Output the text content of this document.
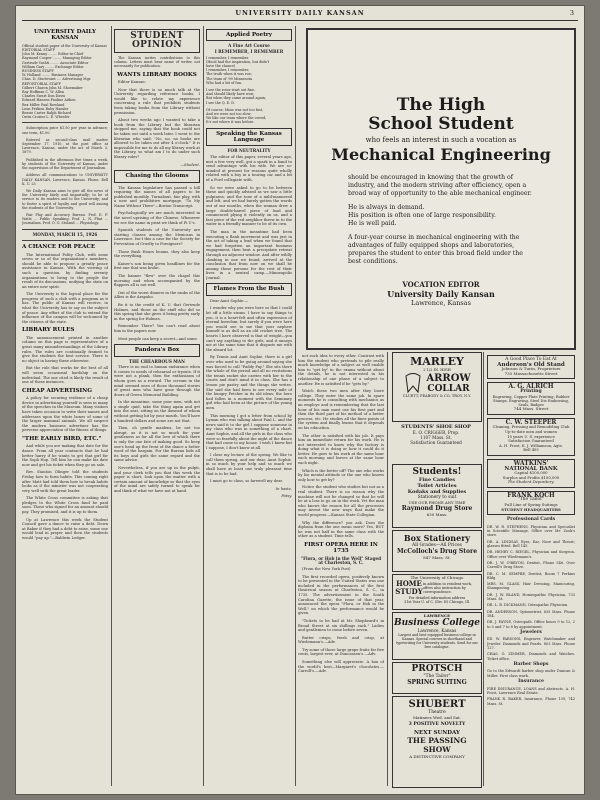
UNIVERSITY DAILY KANSAN	3
UNIVERSITY DAILY KANSAN
Official student paper of the University of Kansas
EDITORIAL STAFF
John M. Kenny ........ Editor-in-Chief
Raymond Cooper ........ Managing Editor
Gertrude Vashti ........ Associate Editor
William Gary ........ Exchange Editor
BUSINESS STAFF
W. Holland ........ Business Manager
Chas. D. Sturtevant .... Advertising Mgr.
REPORTORIAL STAFF
Gilbert Charon John M. Shoemaker
Ray Hoffman C. W. Allen
Charles Swart Don Davis
Edward Hansen Pauline Aitken
Rex Miller Paul Rowland
Leon Perkins Ruby Hamler
Bessie Carter Ralph Richard
Orrin Crozier L. E. Wheeler

Subscription price $1.50 per year in advance; one term, $1.00.

Entered as second-class mail matter September 17, 1910, at the post office at Lawrence, Kansas, under the act of March 3, 1879.

Published in the afternoon five times a week, by students of the University of Kansas, under the supervision of the Department of Journalism.

Address all communications to UNIVERSITY DAILY KANSAN, Lawrence, Kansas. Phone, Bell K. U. 25

We Daily Kansan aims to give all the news of the University fairly and impartially; to be of service to its readers and to the University; and to foster a spirit of loyalty and good will among the students of the University.

Fair Play and Accuracy Bureau. Prof. E. F. Watts ... Public Speaking. Prof. L. N. Flint ... Journalism. Prof. O. O. Stoland ... Physiology.

MONDAY, MARCH 15, 1926
A CHANCE FOR PEACE

The International Polity Club, with some seven or so of the organization's members, should be able to propose a greatly peace assistance in Kansas. With the viewing of such a question, by finding seventy organizations to bring to the people the result of its discussions, unifying the state on an entire new spirit.

The University is the logical place for the progress of such a club with a program as it has. The public of Kansas will receive, in what the University has to say on the subject of peace. Any effort of the club to extend the influence of the campus will be welcomed by the citizens of the state.

LIBRARY RULES

The announcement printed in another column on this page is representative of a great many misunderstandings of the Library rules. The rules are continually framed to give the students the best service. There is no object in having these otherwise.

But the rule that works for the best of all will seem occasional hardship on the individual. The one cited is likely the result of one of these instances.

CHEAP ADVERTISING

A policy for securing evidence of a cheap device in advertising yourself is seen in many of the speeches in the Museum. Many visitors have taken occasion to write their names and addresses upon the white bones of some of the larger mammal animals. We all suspect the modern business advertiser has the perverse appreciation of the fitness of things.

"THE EARLY BIRD, ETC."

And while you are making that date for the dance. From all year contracts that he had better hurry if he wants to get that girl for the Soph Hop. Tell him he can make his date now and get his ticket when they go on sale.

Rev. Stanton Olinger told the students Friday how to form habits. This coming right after Matt had told them how to break habits looks as if the minister was not cooperating very well with the great leader.

The White Cross committee is asking that pledges to the White Cross fund be paid soon. Those who signed for an amount should pay. They promised, and it is up to them.

Up at Lawrence this week the Student Council gave a dance to raise a debt. Down at Baker if they had a debt to raise, some one would lead in prayer and then the students would "pay up."—Baldwin Ledger.

STUDENT OPINION

The Kansan invites contributions to this column. Letters must bear name of writer, not necessarily for publication.

WANTS LIBRARY BOOKS

Editor Kansan:

Now that there is so much talk at the University regarding reference books, I would like to relate my experience concerning a rule that prohibits students from taking books from the Library without permission.

About two weeks ago I wanted to take a book from the Library but the librarian stopped me, saying that the book could not be taken out until a week later. I went to the librarian who said: "No, no, no books are allowed to be taken out after 4 o'clock." It is impossible for me to do all my library work at the Library, so what am I to do under such library rules?

—Student.

Chasing the Glooms

The Kansas legislature has passed a bill requiring the names of all papers to be published monthly. Turnabout, fair play, with a new and prohibitive mortgage, "To My Name Without There"—Boston Transcript.

Psychologically we are much interested in the novel uprising of the Chinese, Whenever we see the name in print we think of Pi U's.

Spanish students of the University are starting classes among the Mexicans in Lawrence. Isn't this a case for the Society for Prevention of Cruelty to Foreigners?

Those Bush Hours beams, they also keep the everything.

Kaiser's son being given headlines for the first one that was broke.

The banner "flew" over the chapel this morning and when accompanied by the flappers all is not well.

Out of the worst dinners in the ranks of the Allies is the Arapaho.

Be it to the credit of K. U. that Gertrude Holmes, and those on the staff who did so this spring that she gives it being pretty early in the spring for Holmes.

Remember There? You can't read about him in the papers now.

Most people can keep a secret—and some.

Pandora's Box
THE CHEARBOUS MAN

There is no end to human endurance when it comes to needs of rehearsal or tryouts. If it were not a plank, then the enthusiasm of whom goes as a reward. The scream in the mind seemed ones of those thousand stories of great men who have gone through the doors of Green Memorial Building.

In the meantime, some poor men, with not a single quid, take the thing again and get into the seat, sitting on the dawned of whom without getting hit by your mouth. You'll have a hundred dollars and some are not that.

Then, oh gentle maidens, be not too abrupt, as it is not so much for your gentleness as for all the love of which there is only the one fate of making good. So keep one's head up the front of the dance a better word of the bargain. For the Bureau bids all its boys and girls the same regard and the same advice.

Nevertheless, if you are up in the pulpit, and your clerk tells you that this week the paper is short, look upon the matter with a certain amount of knowledge so that the eyes of the mind are safely turned to speak for and think of what we have not at hand.

Applied Poetry
A Fine Art Course
I REMEMBER, I REMEMBER
I remember, I remember
(Hood had the inspiration, but didn't
have the chance)
I remember, I remember,
The truth when it was rue;
The team of '99 Minnesota
Who had a bit of fun.
I see the rotor start out fine,
And should likely have won;
But when they came around again,
I see the Q. E. D.
Of course, Minn was not too fast,
And we were not too slow;
We like our team where the crowd,
It's not where it was before.
Speaking the Kansas Language
FOR NEUTRALITY

The editor of this paper, several years ago, met a few very well, got a spark in a band to send advantage with his wife. We are so-minded at present for reasons quite wholly related with a boy in a touring car and a bit of a Ford collegiate with.

So we were asked to go to be between these and quickly advised as we saw a little pulpiness, and the tone of a mild-mannered and left, and we had barely gotten the words out of our mouths, when the woman drew a large double-barrel piece of lead and commenced plying it violently on us, and a fast piece of the red neighbor threw in to the water in a friendly manner to be of its own.

The man in the meantime had been executing a flank movement and was just in the act of taking a lead when we found that we had forgotten an important business engagement, then beat a precipitate retreat through an adjacent window. And after wildly climbing in one we found, arrived at the conclusion that from now on we shall be among those persons for the rest of their lives in a neutral camp.—Minneapolis Journal.

Flames From the Bush

Dear Aunt Sophie:—

I wonder why you were here so that I could let off a little steam. I have to say things to you, it is a heart-felt and often expression of eternal boredom; but surely if you were here you would see to me that your nephew himself is as dull as an old cricket tree. The hearts I have observed is that of weight—you can't say anything to the girls, and it annoys me at the same time that it disgusts me with the absurd lot.

By Tennis and Aunt Sophie, there is a girl over who used to be going around saying she was forced to call "Paddy Pay." She sits there the whole of the period and all no recitations the tennis racket she carries with her to the courts and don't mind it in class. She has a lemon pie pastry and the things she writes. She said she had been to see every mile of the hungry Fetcher in its old ideas; the hero had fallen in a moment with the Seminary girl who had been at the picture of the young men.

This morning I got a letter from school by Lyman who was talking about Paul L. and the news said it to the girl I suppose someone in my class who was in something of a chart. Aunt Sophie, and all the girls in the class who were so fearfully about the night of the dance that had come to my house. I wish I knew but I suppose, I don't know at all.

I close my lecture of the spring. We like to call them spring, and our dear, Aunt Sophie, in so much by your help and so much we shall have at least one truly pleasant time that is to be had.

I must go to class, so farewell my dear.

In haste,

Patsy.

The High
School Student
who feels an interest in such a vocation as
Mechanical Engineering
should be encouraged in knowing that the growth of industry, and the modern striving after efficiency, open a broad way of opportunity to the able mechanical engineer.
He is always in demand.
His position is often one of large responsibility.
He is well paid.
A four-year course in mechanical engineering with the advantages of fully equipped shops and laboratories, prepares the student to enter this broad field under the best conditions.
VOCATION EDITOR
University Daily Kansan
Lawrence, Kansas

not such idea to every other. Contrast with him the student who pretends to pile really much knowledge of a subject as well enable him to "get by" in the exams without about the details, he is not interested in his relationship of one phase of a subject to another. He is satisfied if he "gets by."

Watch these two men after they leave college. They enter the same job. In spare moments he is consulting with mechanics as an employe and is remembering that the last hour of his man must use his first part and then the third part of his method of a better process, etc. He studies all the finer points of the system and finally learns that it depends on his education.

The other is satisfied with his job. It pays him an immediate return for his work. He is not interested to know why the factory is doing what it is doing or how it could do it better. He goes to his work at the same hour each morning and leaves at the same hour each night.

Which is the better off? The one who works by his mental attitude or the one who knows only how to get by?

Notice the student who studies but not as a real student. There is no reason why the machine will not be changed so that he will be at a loss to go on in the work. Yet the man who knows the reason for all the processes may invent the new ways that make the world progress.—Kansas State Collegian.

Why the difference? you ask. Does the diploma from the one mean more? Yes, BUT he was not half in the same class with the other as a student. Time tells.

FIRST OPERA HERE IN 1735
"Flora, or Hob in the Well" Staged at Charleston, S. C.

(From the New York Post)

The first recorded opera, positively known to be presented in the United States was one included in the performances of the first theatrical season at Charleston, S. C., in 1735. The advertisement in the South Carolina Gazette, the issue of that year, announced the opera "Flora, or Hob in the Well," on which the performance would be given.

"Tickets to be had at Mr. Shepheard's in Broad Street at six shillings each." Ladies and gentlemen to come before seven.

Butter crisps, fresh and crisp, at Wiedemann's.—Adv.

Try some of those large grape fruits for five cents, largest ever, at Duncanson's.—Adv.

Something else will appreciate. A box of the world's best—Margaret's chocolates.—Carroll's.—Adv.

MARLEY
2 1/2 IN. HIGH
ARROW
COLLAR
CLUETT, PEABODY & CO. TROY, N.Y.
STUDENTS' SHOE SHOP
E. O. CRIGGER, Prop.
1107 Mass. St.
Satisfaction Guaranteed
Students!
Fine Candies
Toilet Articles
Kodaks and Supplies
Stationery to suit
USE OUR PHONE ANY TIME
Raymond Drug Store
630 Mass.
Box Stationery
All Grades—All Prices
McColloch's Drug Store
847 Mass. St.
The University of Chicago
HOME
STUDY
in addition to resident work, offers also instruction by correspondence.
For detailed information address
31st Year U. of C. (Div. H) Chicago, Ill.
LAWRENCE
Business College
Lawrence, Kansas
Largest and best equipped business college in Kansas. Special courses in shorthand and typewriting for University students. Send for our free catalogue.
PROTSCH
"The Tailor"
SPRING SUITING
SHUBERT
Theatre
Matinees Wed. and Sat.
3 POSITIVE NOVELTY
NEXT SUNDAY
THE PASSING SHOW
A DISTINCTIVE COMPANY
A Good Place To Eat At
Anderson's Old Stand
Johnson & Turin, Proprietors
735 Massachusetts Street
A. G. ALRICH
Printing
Engraving, Copper Plate Printing, Rubber Stamps, Engraving, Steel Die Embossing, Seals, Badges
744 Mass. Street
C. W. STEEPER
Cleaning, Pressing and Remodeling Club
Up-to-date men and women
10 years U. S. experience
Satisfaction Guaranteed
A. H. Frost, E. J. Williamson, Agts.
Bell 405
WATKINS'
NATIONAL BANK
Capital $100,000
Surplus and Profits $100,000
The Student Depository.
FRANK KOCH
"The Tailor"
Full Line of Spring Suitings
STUDENT HEADQUARTERS
Professional Cards
DR. W. R. STEPHENS, Physician and Specialist in Scientific Massage, Office over Mr. Zook's store.
DR. A. LINDSAY, Eyes, Ear, Nose and Throat; glasses fitted. Bell 145.
DR. HENRY C. RIEGEL, Physician and Surgeon. Office over Wiedemann's.
DR. J. W. O'BRYON, Dentist, Phone 546. Over Carroll's Drug Store.
DR. C. M. SEMPRE, Dentist, Room 7 Perkins Bldg.
MRS. M. GLASS, Hair Dressing, Manicuring, Shampooing.
DR. J. W. BLAND, Homeopathic Physician, 733 Mass. St.
DR. L. B. DICKMANN, Osteopathic Physician.
DR. ANDERSON, Optometrist, 835 Mass. Phone 184.
DR. J. PAYNE, Osteopath. Office hours 9 to 12, 2 to 5 and 7 to 8 by appointment.
Jewelers
ED. W. PARSONS, Engraver, Watchmaker and Jeweler. Diamonds and Pearls. 803 Mass. Phone 127.
CHAS. G. ZIMMER, Diamonds and Watches. Ticket office.
Barber Shops
Go to the Edwardt barber shop under Duncan & Miller. First class work.
Insurance
FIRE INSURANCE, LOANS and abstracts. A. H. Frost, Lawrence Real Estate.
FRANK R. BAKER, Insurance, Phone 139, 742 Mass. St.
